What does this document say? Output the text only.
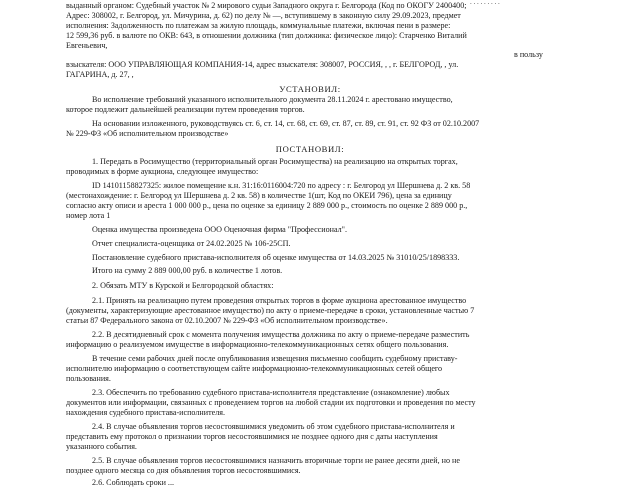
. . . . . . . . .
выданный органом: Судебный участок № 2 мирового судьи Западного округа г. Белгорода (Код по ОКОГУ 2400400;
Адрес: 308002, г. Белгород, ул. Мичурина, д. 62) по делу № —, вступившему в законную силу 29.09.2023, предмет
исполнения: Задолженность по платежам за жилую площадь, коммунальные платежи, включая пени в размере:
12 599,36 руб. в валюте по ОКВ: 643, в отношении должника (тип должника: физическое лицо): Старченко Виталий
Евгеньевич,
в пользу
взыскателя: ООО УПРАВЛЯЮЩАЯ КОМПАНИЯ-14, адрес взыскателя: 308007, РОССИЯ, , , г. БЕЛГОРОД, , ул.
ГАГАРИНА, д. 27, ,
УСТАНОВИЛ:
Во исполнение требований указанного исполнительного документа 28.11.2024 г. арестовано имущество,
которое подлежит дальнейшей реализации путем проведения торгов.
На основании изложенного, руководствуясь ст. 6, ст. 14, ст. 68, ст. 69, ст. 87, ст. 89, ст. 91, ст. 92 ФЗ от 02.10.2007
№ 229-ФЗ «Об исполнительном производстве»
ПОСТАНОВИЛ:
1. Передать в Росимущество (территориальный орган Росимущества) на реализацию на открытых торгах,
проводимых в форме аукциона, следующее имущество:
ID 14101158827325: жилое помещение к.н. 31:16:0116004:720 по адресу : г. Белгород ул Шершнева д. 2 кв. 58
(местонахождение: г. Белгород ул Шершнева д. 2 кв. 58) в количестве 1(шт, Код по ОКЕИ 796), цена за единицу
согласно акту описи и ареста 1 000 000 р., цена по оценке за единицу 2 889 000 р., стоимость по оценке 2 889 000 р.,
номер лота 1
Оценка имущества произведена ООО Оценочная фирма "Профессионал".
Отчет специалиста-оценщика от 24.02.2025 № 106-25СП.
Постановление судебного пристава-исполнителя об оценке имущества от 14.03.2025 № 31010/25/1898333.
Итого на сумму 2 889 000,00 руб. в количестве 1 лотов.
2. Обязать МТУ в Курской и Белгородской областях:
2.1. Принять на реализацию путем проведения открытых торгов в форме аукциона арестованное имущество
(документы, характеризующие арестованное имущество) по акту о приеме-передаче в сроки, установленные частью 7
статьи 87 Федерального закона от 02.10.2007 № 229-ФЗ «Об исполнительном производстве».
2.2. В десятидневный срок с момента получения имущества должника по акту о приеме-передаче разместить
информацию о реализуемом имуществе в информационно-телекоммуникационных сетях общего пользования.
В течение семи рабочих дней после опубликования извещения письменно сообщить судебному приставу-
исполнителю информацию о соответствующем сайте информационно-телекоммуникационных сетей общего
пользования.
2.3. Обеспечить по требованию судебного пристава-исполнителя представление (ознакомление) любых
документов или информации, связанных с проведением торгов на любой стадии их подготовки и проведения по месту
нахождения судебного пристава-исполнителя.
2.4. В случае объявления торгов несостоявшимися уведомить об этом судебного пристава-исполнителя и
представить ему протокол о признании торгов несостоявшимися не позднее одного дня с даты наступления
указанного события.
2.5. В случае объявления торгов несостоявшимися назначить вторичные торги не ранее десяти дней, но не
позднее одного месяца со дня объявления торгов несостоявшимися.
2.6. Соблюдать сроки ...
